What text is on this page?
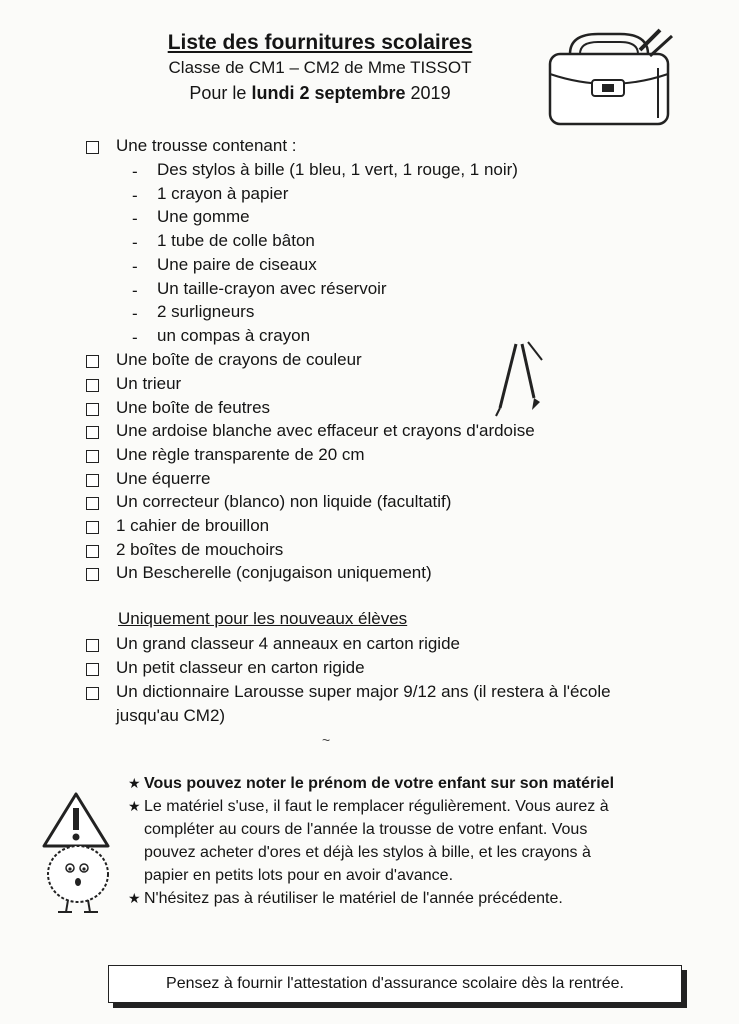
Liste des fournitures scolaires
Classe de CM1 – CM2 de Mme TISSOT
Pour le lundi 2 septembre 2019
Une trousse contenant :
- Des stylos à bille (1 bleu, 1 vert, 1 rouge, 1 noir)
- 1 crayon à papier
- Une gomme
- 1 tube de colle bâton
- Une paire de ciseaux
- Un taille-crayon avec réservoir
- 2 surligneurs
- un compas à crayon
Une boîte de crayons de couleur
Un trieur
Une boîte de feutres
Une ardoise blanche avec effaceur et crayons d'ardoise
Une règle transparente de 20 cm
Une équerre
Un correcteur (blanco) non liquide (facultatif)
1 cahier de brouillon
2 boîtes de mouchoirs
Un Bescherelle (conjugaison uniquement)
Uniquement pour les nouveaux élèves
Un grand classeur 4 anneaux en carton rigide
Un petit classeur en carton rigide
Un dictionnaire Larousse super major 9/12 ans (il restera à l'école
jusqu'au CM2)
~
★ Vous pouvez noter le prénom de votre enfant sur son matériel
★ Le matériel s'use, il faut le remplacer régulièrement. Vous aurez à
compléter au cours de l'année la trousse de votre enfant. Vous
pouvez acheter d'ores et déjà les stylos à bille, et les crayons à
papier en petits lots pour en avoir d'avance.
★ N'hésitez pas à réutiliser le matériel de l'année précédente.
Pensez à fournir l'attestation d'assurance scolaire dès la rentrée.
